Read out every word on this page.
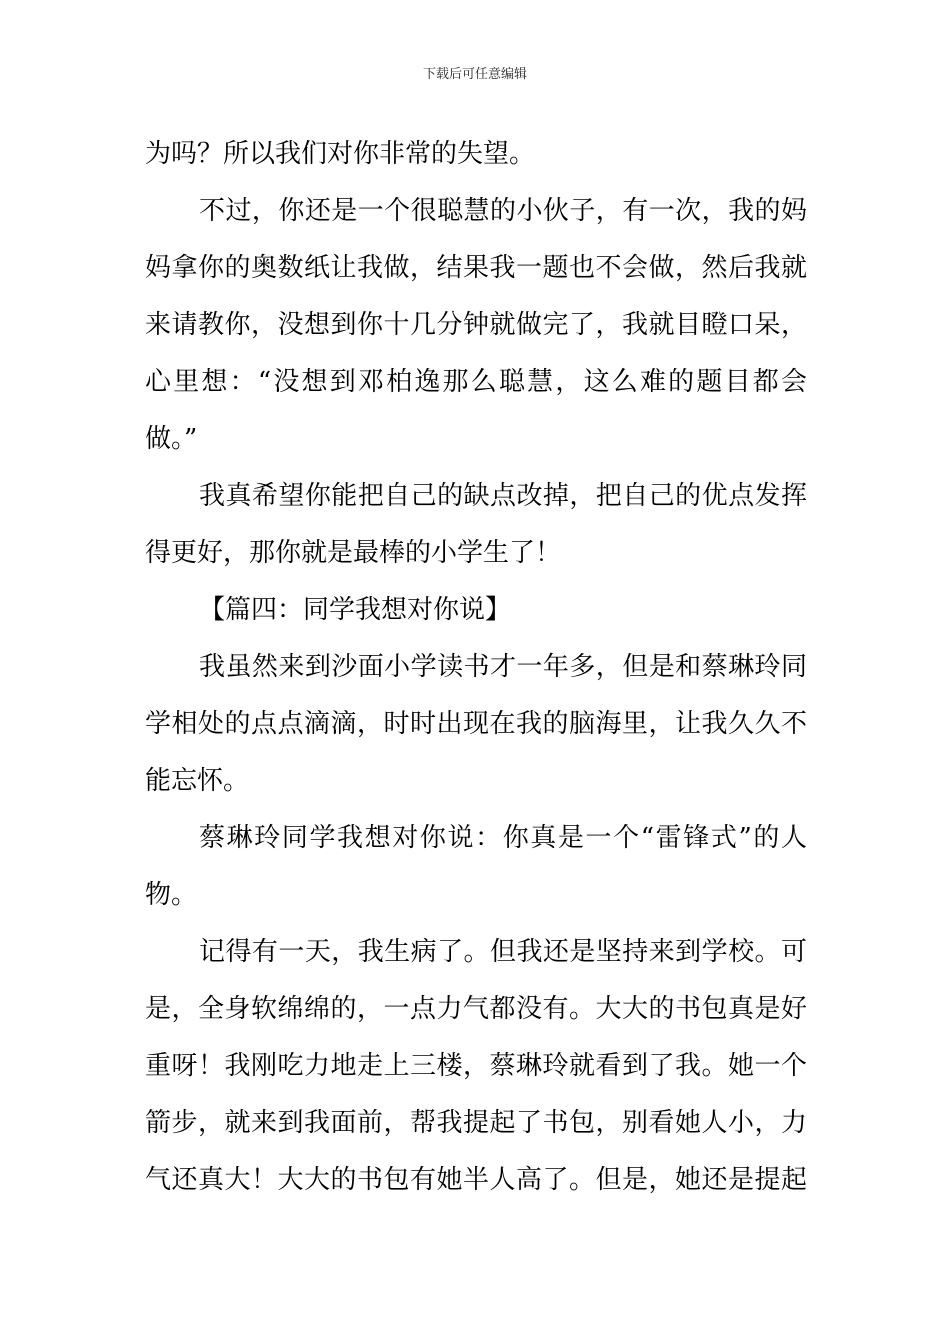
下载后可任意编辑
为吗？所以我们对你非常的失望。
不过，你还是一个很聪慧的小伙子，有一次，我的妈
妈拿你的奥数纸让我做，结果我一题也不会做，然后我就
来请教你，没想到你十几分钟就做完了，我就目瞪口呆，
心里想：“没想到邓柏逸那么聪慧，这么难的题目都会
做。”
我真希望你能把自己的缺点改掉，把自己的优点发挥
得更好，那你就是最棒的小学生了！
【篇四：同学我想对你说】
我虽然来到沙面小学读书才一年多，但是和蔡琳玲同
学相处的点点滴滴，时时出现在我的脑海里，让我久久不
能忘怀。
蔡琳玲同学我想对你说：你真是一个“雷锋式”的人
物。
记得有一天，我生病了。但我还是坚持来到学校。可
是，全身软绵绵的，一点力气都没有。大大的书包真是好
重呀！我刚吃力地走上三楼，蔡琳玲就看到了我。她一个
箭步，就来到我面前，帮我提起了书包，别看她人小，力
气还真大！大大的书包有她半人高了。但是，她还是提起
